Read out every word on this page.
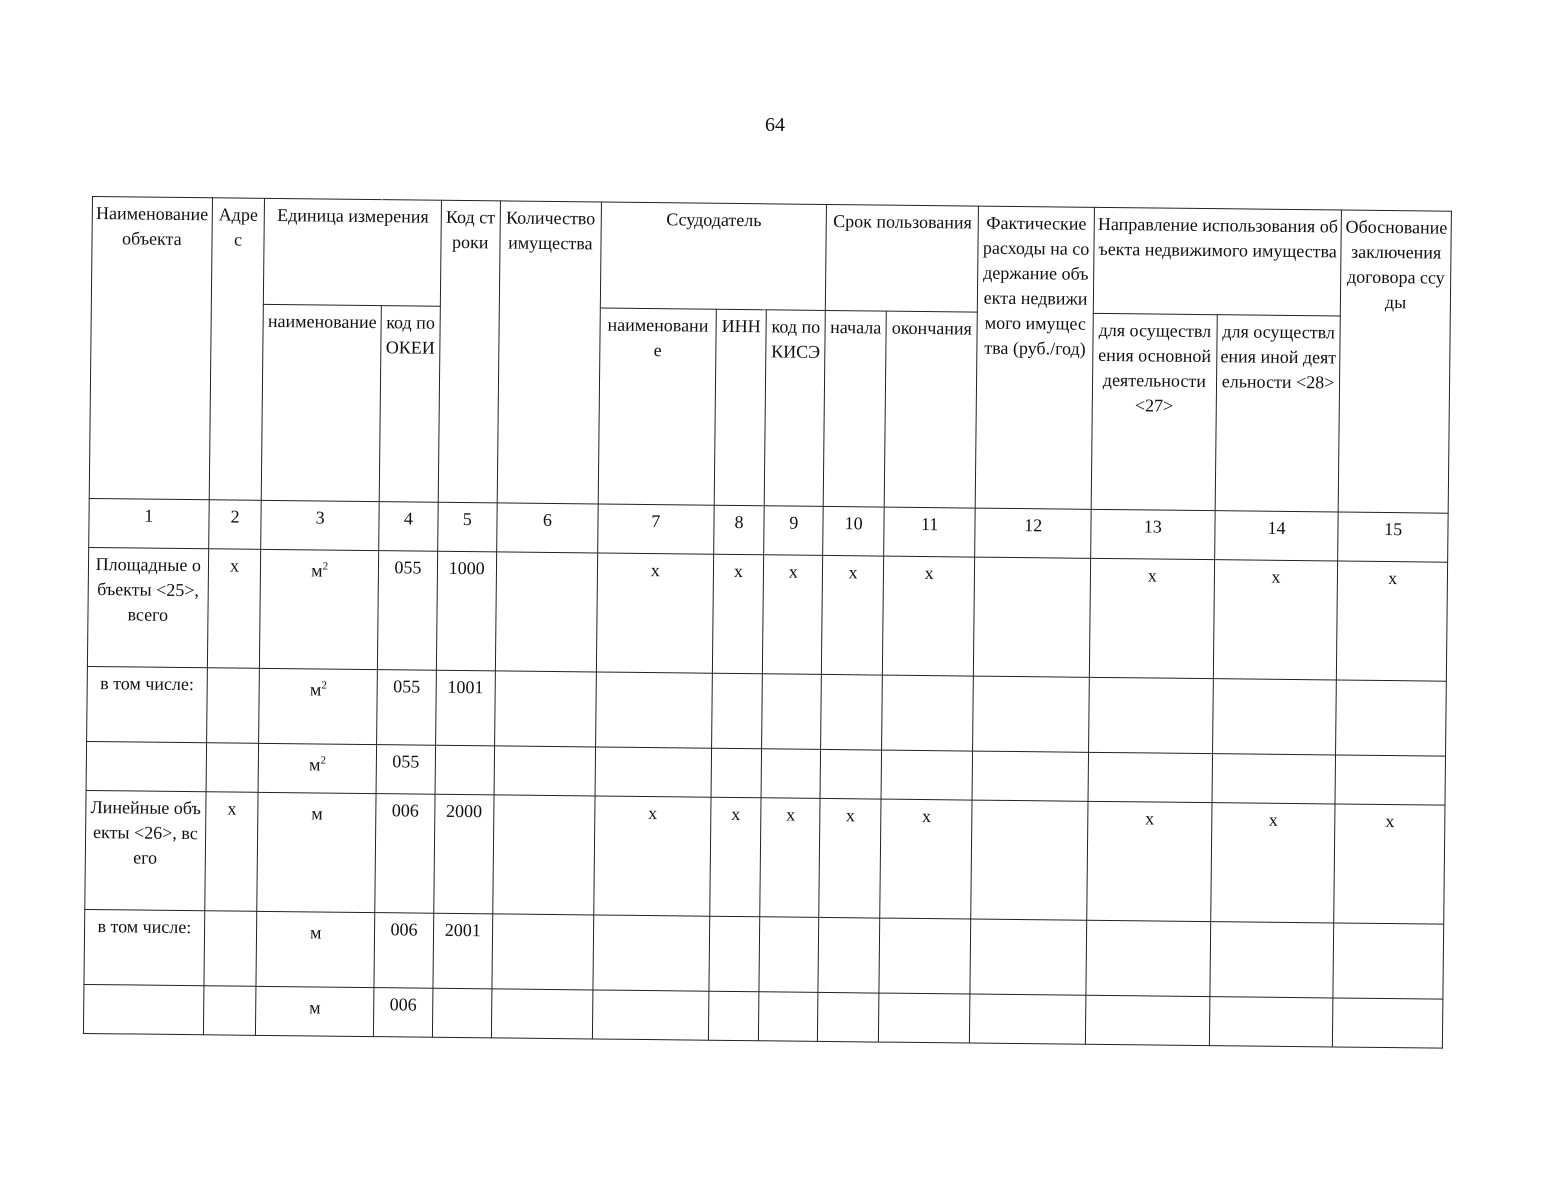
64
Наименование объекта	Адрес	Единица измерения		Код строки	Количество имущества	Ссудодатель			Срок пользования		Фактические расходы на содержание объекта недвижимого имущества (руб./год)	Направление использования объекта недвижимого имущества		Обоснование заключения договора ссуды
		наименование	код по ОКЕИ			наименование	ИНН	код по КИСЭ	начала	окончания		для осуществления основной деятельности <27>	для осуществления иной деятельности <28>	
1	2	3	4	5	6	7	8	9	10	11	12	13	14	15
Площадные объекты <25>, всего	x	$м^2$	055	1000		x	x	x	x	x		x	x	x
в том числе:		$м^2$	055	1001										
		$м^2$	055											
Линейные объекты <26>, всего	x	м	006	2000		x	x	x	x	x		x	x	x
в том числе:		м	006	2001										
		м	006											
